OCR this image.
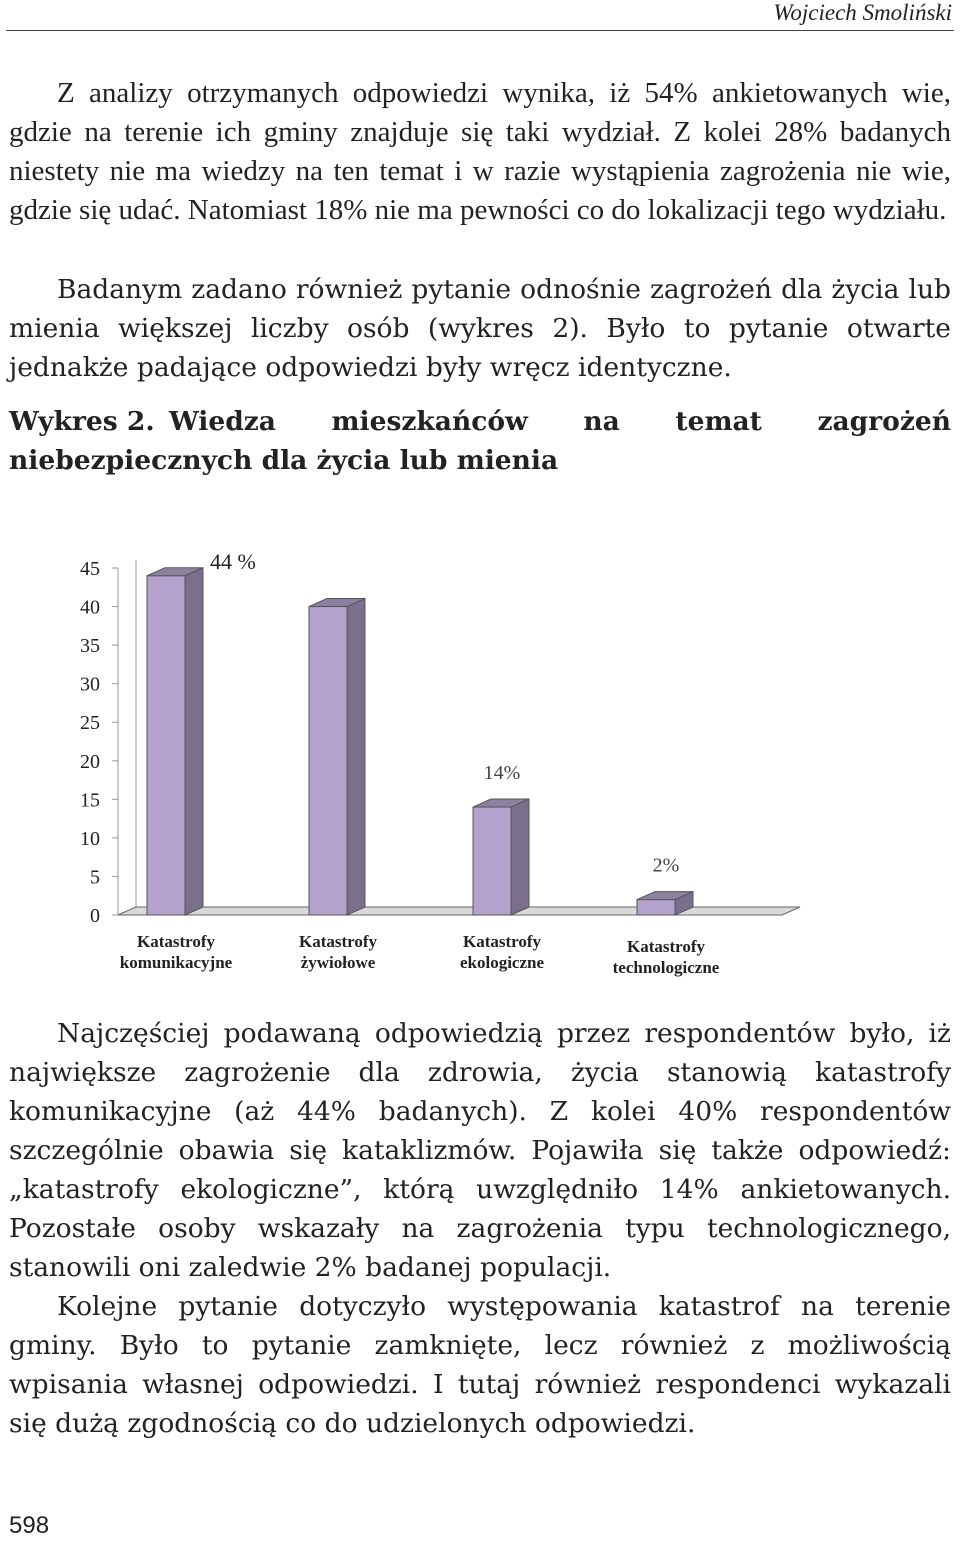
Wojciech Smoliński

Z analizy otrzymanych odpowiedzi wynika, iż 54% ankietowanych wie, gdzie na terenie ich gminy znajduje się taki wydział. Z kolei 28% badanych niestety nie ma wiedzy na ten temat i w razie wystąpienia zagrożenia nie wie, gdzie się udać. Natomiast 18% nie ma pewności co do lokalizacji tego wydziału.

Badanym zadano również pytanie odnośnie zagrożeń dla życia lub mienia większej liczby osób (wykres 2). Było to pytanie otwarte jednakże padające odpowiedzi były wręcz identyczne.

Wykres 2. Wiedza mieszkańców na temat zagrożeń niebezpiecznych dla życia lub mienia
0
5
10
15
20
25
30
35
40
45	44 %
Katastrofy
komunikacyjne
Katastrofy
żywiołowe
14%
Katastrofy
ekologiczne
2%
Katastrofy
technologiczne

Najczęściej podawaną odpowiedzią przez respondentów było, iż największe zagrożenie dla zdrowia, życia stanowią katastrofy komunikacyjne (aż 44% badanych). Z kolei 40% respondentów szczególnie obawia się kataklizmów. Pojawiła się także odpowiedź: „katastrofy ekologiczne”, którą uwzględniło 14% ankietowanych. Pozostałe osoby wskazały na zagrożenia typu technologicznego, stanowili oni zaledwie 2% badanej populacji.

Kolejne pytanie dotyczyło występowania katastrof na terenie gminy. Było to pytanie zamknięte, lecz również z możliwością wpisania własnej odpowiedzi. I tutaj również respondenci wykazali się dużą zgodnością co do udzielonych odpowiedzi.

598
